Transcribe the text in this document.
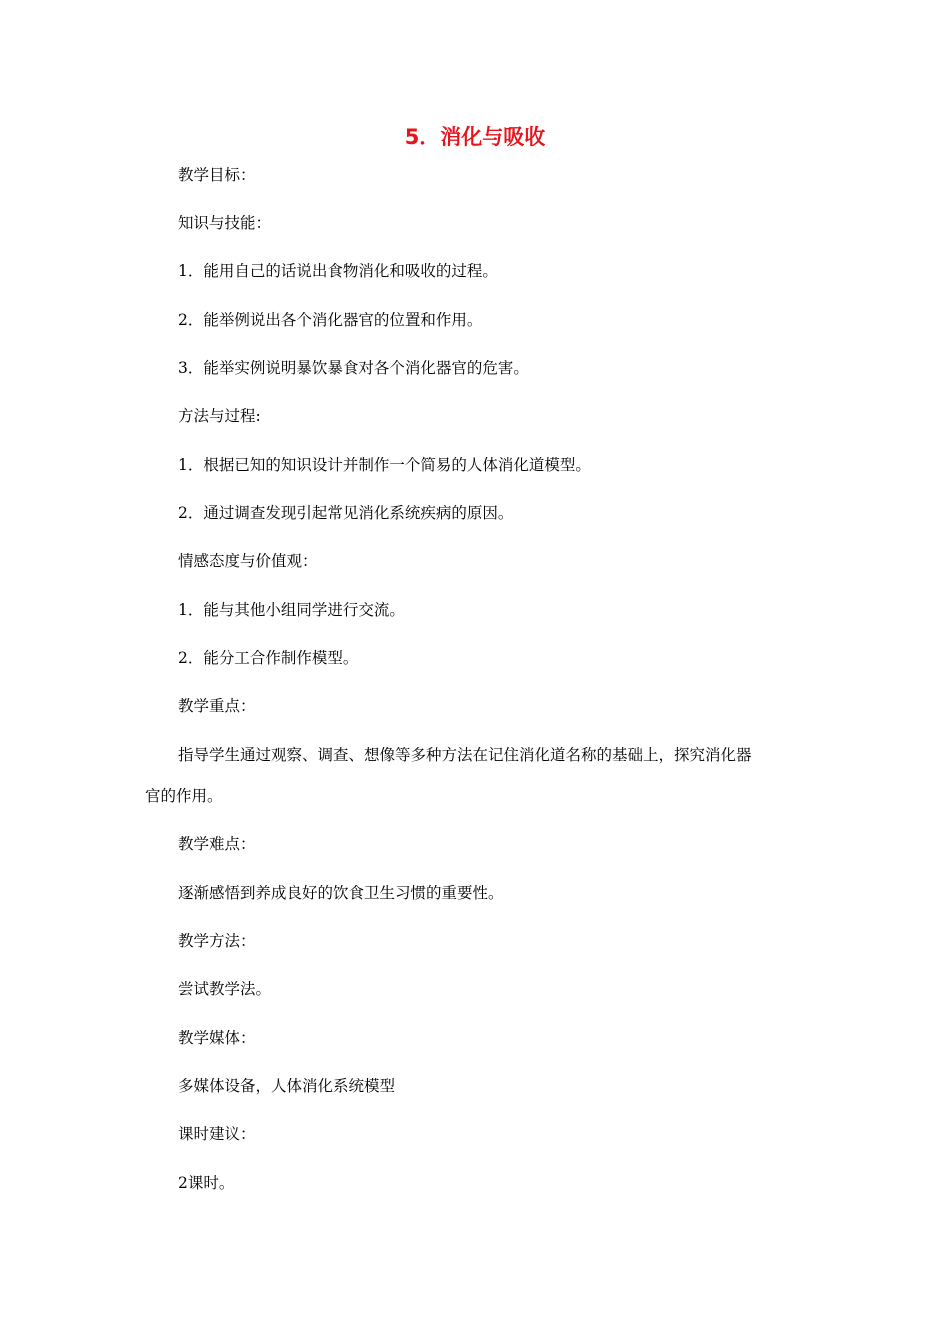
5．消化与吸收
教学目标：
知识与技能：
1．能用自己的话说出食物消化和吸收的过程。
2．能举例说出各个消化器官的位置和作用。
3．能举实例说明暴饮暴食对各个消化器官的危害。
方法与过程:
1．根据已知的知识设计并制作一个简易的人体消化道模型。
2．通过调查发现引起常见消化系统疾病的原因。
情感态度与价值观：
1．能与其他小组同学进行交流。
2．能分工合作制作模型。
教学重点：
指导学生通过观察、调查、想像等多种方法在记住消化道名称的基础上，探究消化器
官的作用。
教学难点：
逐渐感悟到养成良好的饮食卫生习惯的重要性。
教学方法：
尝试教学法。
教学媒体：
多媒体设备，人体消化系统模型
课时建议：
2课时。
